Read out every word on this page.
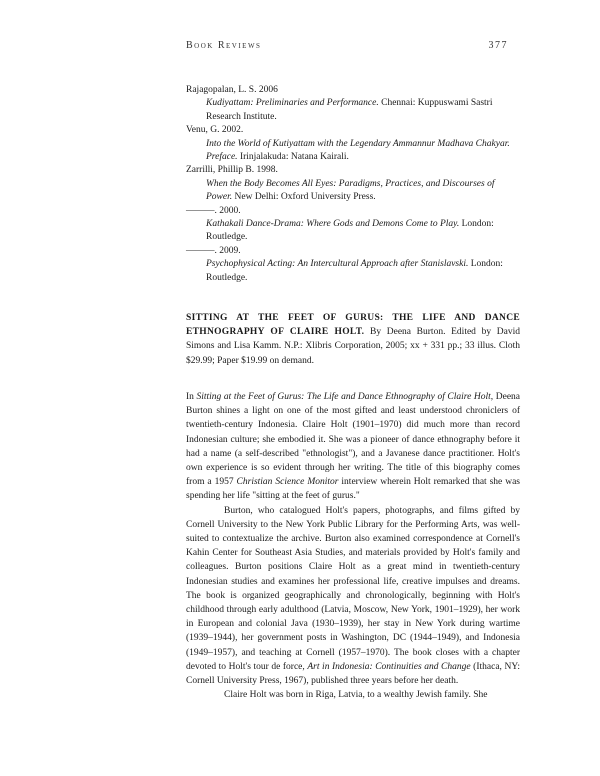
Book Reviews	377

Rajagopalan, L. S. 2006
Kudiyattam: Preliminaries and Performance. Chennai: Kuppuswami Sastri Research Institute.

Venu, G. 2002.
Into the World of Kutiyattam with the Legendary Ammannur Madhava Chakyar. Preface. Irinjalakuda: Natana Kairali.

Zarrilli, Phillip B. 1998.
When the Body Becomes All Eyes: Paradigms, Practices, and Discourses of Power. New Delhi: Oxford University Press.

———. 2000.
Kathakali Dance-Drama: Where Gods and Demons Come to Play. London: Routledge.

———. 2009.
Psychophysical Acting: An Intercultural Approach after Stanislavski. London: Routledge.

SITTING AT THE FEET OF GURUS: THE LIFE AND DANCE ETHNOGRAPHY OF CLAIRE HOLT. By Deena Burton. Edited by David Simons and Lisa Kamm. N.P.: Xlibris Corporation, 2005; xx + 331 pp.; 33 illus. Cloth $29.99; Paper $19.99 on demand.

In Sitting at the Feet of Gurus: The Life and Dance Ethnography of Claire Holt, Deena Burton shines a light on one of the most gifted and least understood chroniclers of twentieth-century Indonesia. Claire Holt (1901–1970) did much more than record Indonesian culture; she embodied it. She was a pioneer of dance ethnography before it had a name (a self-described "ethnologist"), and a Javanese dance practitioner. Holt's own experience is so evident through her writing. The title of this biography comes from a 1957 Christian Science Monitor interview wherein Holt remarked that she was spending her life "sitting at the feet of gurus."

Burton, who catalogued Holt's papers, photographs, and films gifted by Cornell University to the New York Public Library for the Performing Arts, was well-suited to contextualize the archive. Burton also examined correspondence at Cornell's Kahin Center for Southeast Asia Studies, and materials provided by Holt's family and colleagues. Burton positions Claire Holt as a great mind in twentieth-century Indonesian studies and examines her professional life, creative impulses and dreams. The book is organized geographically and chronologically, beginning with Holt's childhood through early adulthood (Latvia, Moscow, New York, 1901–1929), her work in European and colonial Java (1930–1939), her stay in New York during wartime (1939–1944), her government posts in Washington, DC (1944–1949), and Indonesia (1949–1957), and teaching at Cornell (1957–1970). The book closes with a chapter devoted to Holt's tour de force, Art in Indonesia: Continuities and Change (Ithaca, NY: Cornell University Press, 1967), published three years before her death.

Claire Holt was born in Riga, Latvia, to a wealthy Jewish family. She
